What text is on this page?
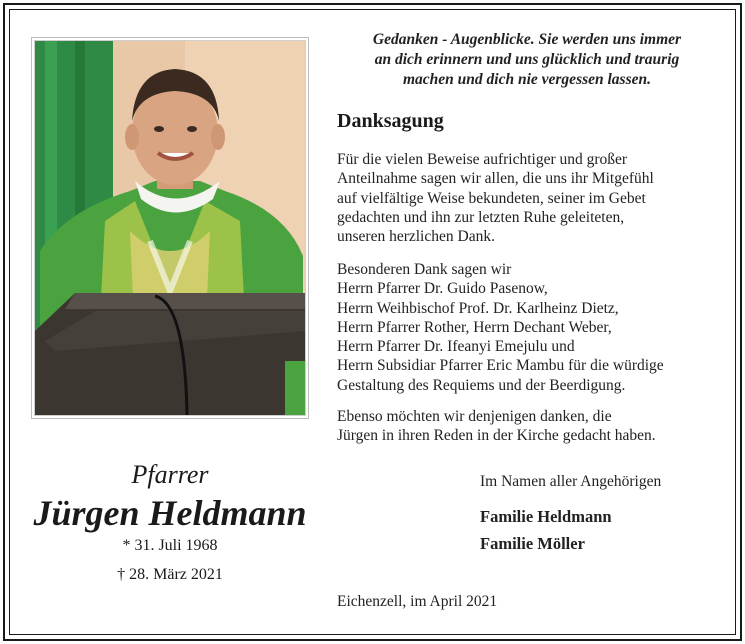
Gedanken - Augenblicke. Sie werden uns immer
an dich erinnern und uns glücklich und traurig
machen und dich nie vergessen lassen.
Danksagung
Für die vielen Beweise aufrichtiger und großer
Anteilnahme sagen wir allen, die uns ihr Mitgefühl
auf vielfältige Weise bekundeten, seiner im Gebet
gedachten und ihn zur letzten Ruhe geleiteten,
unseren herzlichen Dank.
Besonderen Dank sagen wir
Herrn Pfarrer Dr. Guido Pasenow,
Herrn Weihbischof Prof. Dr. Karlheinz Dietz,
Herrn Pfarrer Rother, Herrn Dechant Weber,
Herrn Pfarrer Dr. Ifeanyi Emejulu und
Herrn Subsidiar Pfarrer Eric Mambu für die würdige
Gestaltung des Requiems und der Beerdigung.
Ebenso möchten wir denjenigen danken, die
Jürgen in ihren Reden in der Kirche gedacht haben.
Im Namen aller Angehörigen
Familie Heldmann
Familie Möller
Eichenzell, im April 2021
Pfarrer
Jürgen Heldmann
* 31. Juli 1968
† 28. März 2021
